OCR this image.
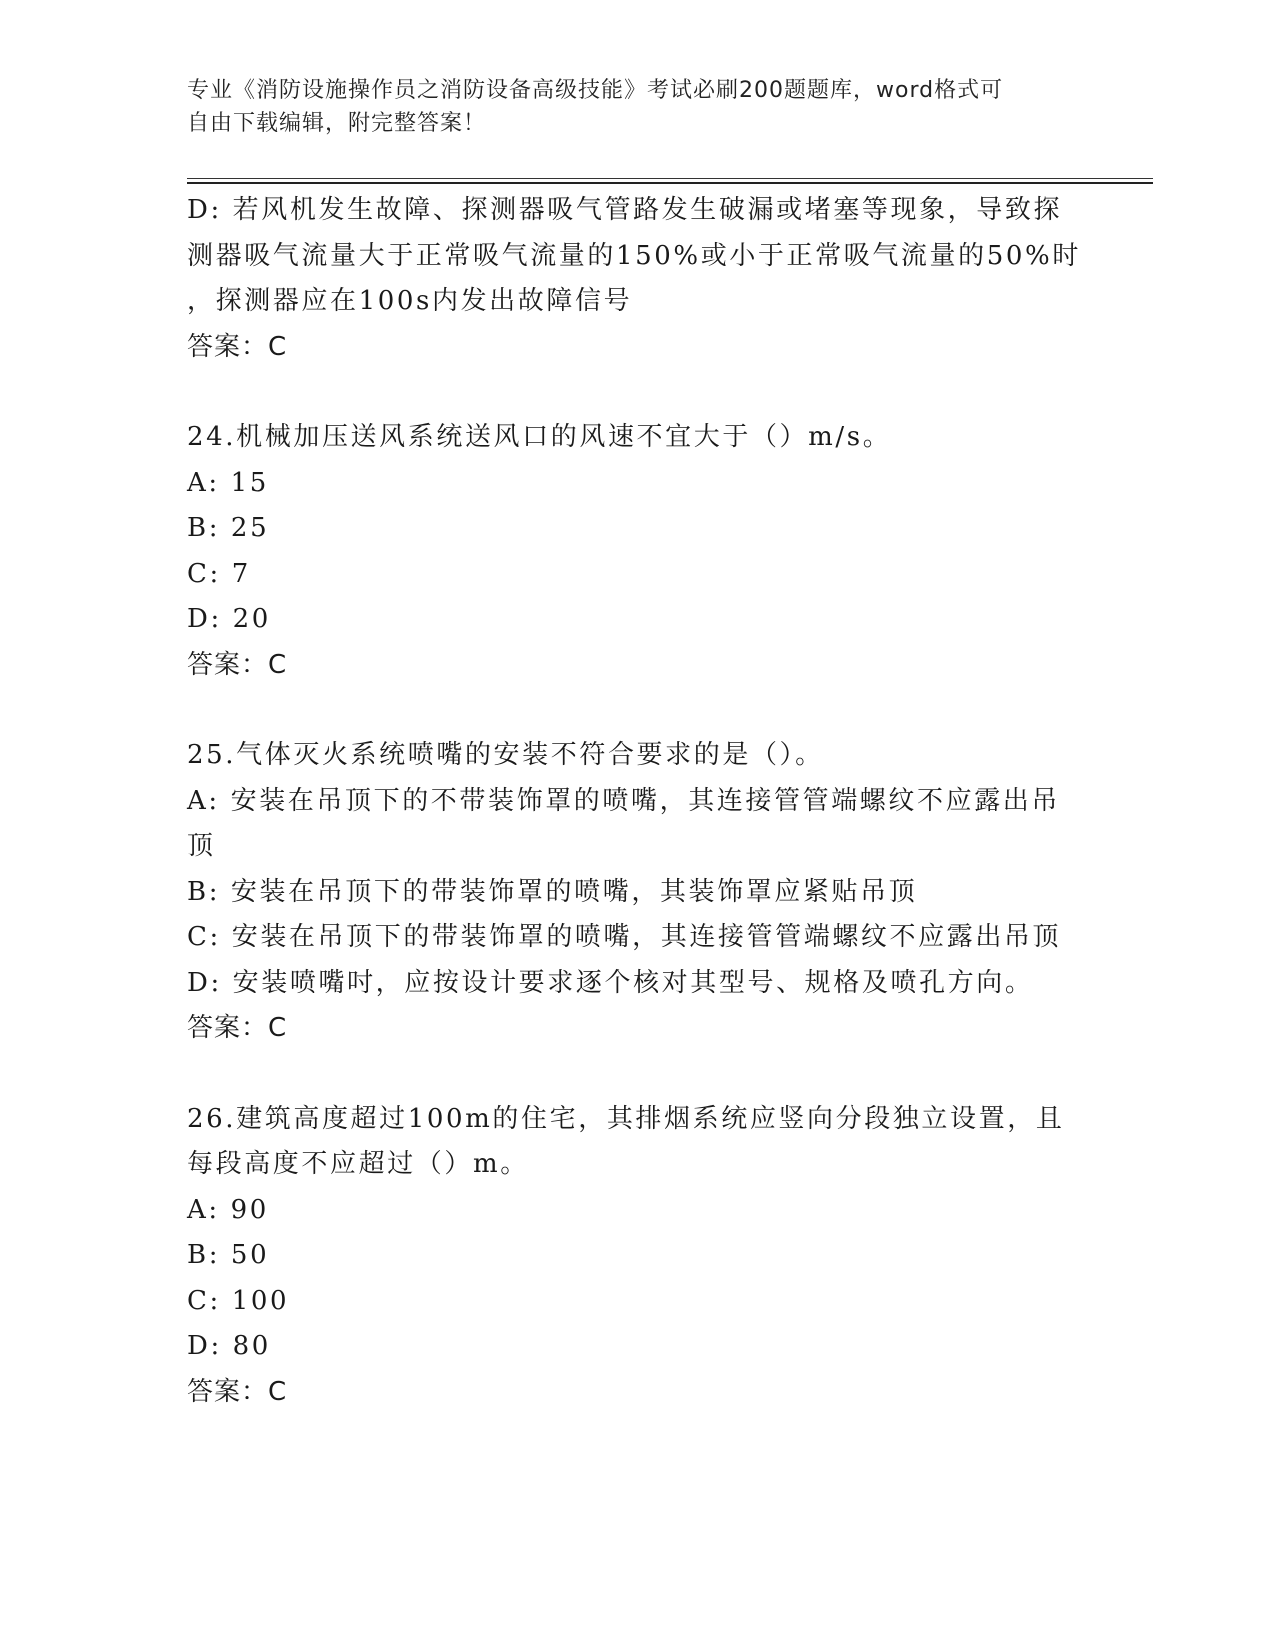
专业《消防设施操作员之消防设备高级技能》考试必刷200题题库，word格式可
自由下载编辑，附完整答案！
D: 若风机发生故障、探测器吸气管路发生破漏或堵塞等现象，导致探
测器吸气流量大于正常吸气流量的150%或小于正常吸气流量的50%时
，探测器应在100s内发出故障信号
答案：C
24.机械加压送风系统送风口的风速不宜大于（）m/s。
A: 15
B: 25
C: 7
D: 20
答案：C
25.气体灭火系统喷嘴的安装不符合要求的是（）。
A: 安装在吊顶下的不带装饰罩的喷嘴，其连接管管端螺纹不应露出吊
顶
B: 安装在吊顶下的带装饰罩的喷嘴，其装饰罩应紧贴吊顶
C: 安装在吊顶下的带装饰罩的喷嘴，其连接管管端螺纹不应露出吊顶
D: 安装喷嘴吋，应按设计要求逐个核对其型号、规格及喷孔方向。
答案：C
26.建筑高度超过100m的住宅，其排烟系统应竖向分段独立设置，且
每段高度不应超过（）m。
A: 90
B: 50
C: 100
D: 80
答案：C
